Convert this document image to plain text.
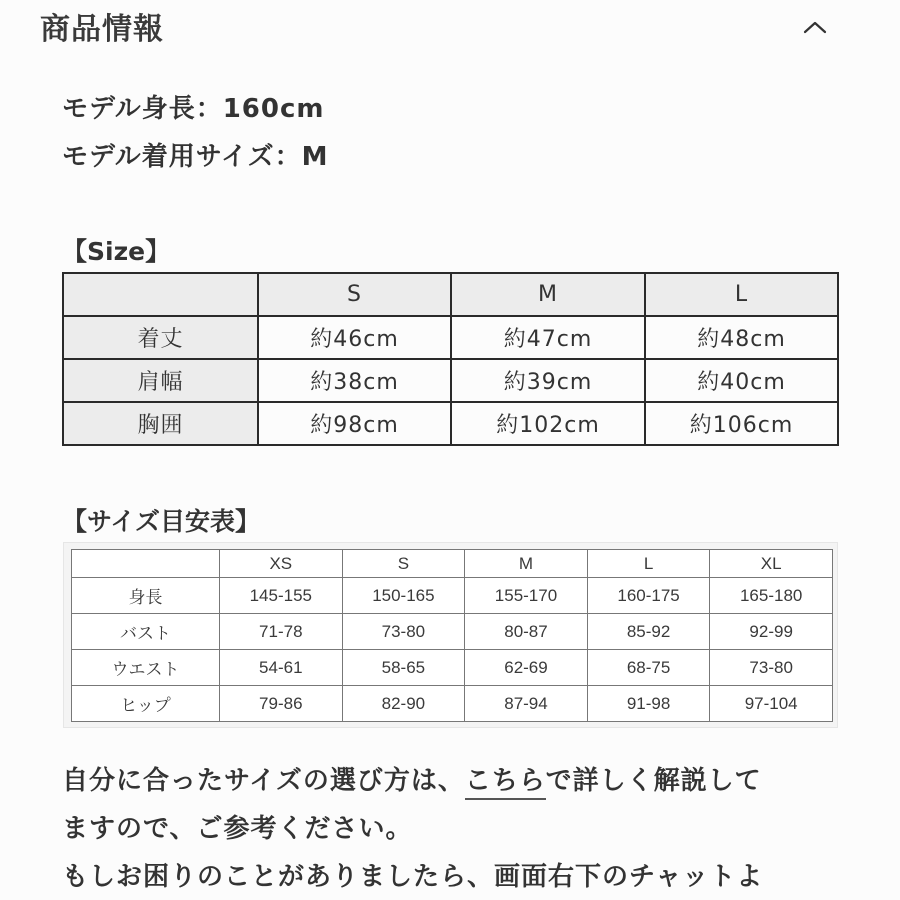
商品情報
モデル身長：160cm
モデル着用サイズ：M
【Size】
	S	M	L
着丈	約46cm	約47cm	約48cm
肩幅	約38cm	約39cm	約40cm
胸囲	約98cm	約102cm	約106cm
【サイズ目安表】
	XS	S	M	L	XL
身長	145-155	150-165	155-170	160-175	165-180
バスト	71-78	73-80	80-87	85-92	92-99
ウエスト	54-61	58-65	62-69	68-75	73-80
ヒップ	79-86	82-90	87-94	91-98	97-104
自分に合ったサイズの選び方は、こちらで詳しく解説して
ますので、ご参考ください。
もしお困りのことがありましたら、画面右下のチャットよ
